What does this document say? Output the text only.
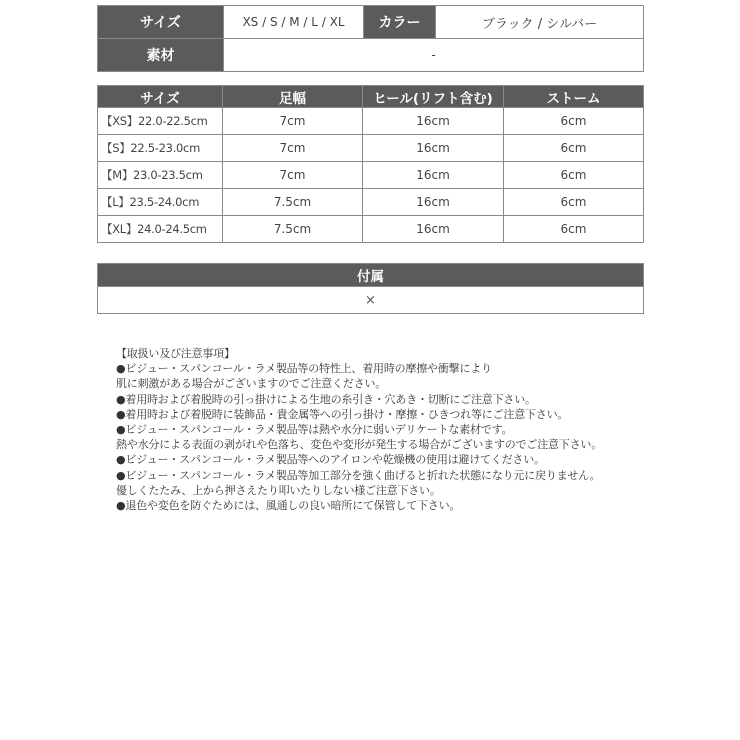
サイズ	XS / S / M / L / XL	カラー	ブラック / シルバー
素材	-		
サイズ	足幅	ヒール(リフト含む)	ストーム
【XS】22.0-22.5cm	7cm	16cm	6cm
【S】22.5-23.0cm	7cm	16cm	6cm
【M】23.0-23.5cm	7cm	16cm	6cm
【L】23.5-24.0cm	7.5cm	16cm	6cm
【XL】24.0-24.5cm	7.5cm	16cm	6cm
付属
×
【取扱い及び注意事項】
●ビジュー・スパンコール・ラメ製品等の特性上、着用時の摩擦や衝撃により
肌に刺激がある場合がございますのでご注意ください。
●着用時および着脱時の引っ掛けによる生地の糸引き・穴あき・切断にご注意下さい。
●着用時および着脱時に装飾品・貴金属等への引っ掛け・摩擦・ひきつれ等にご注意下さい。
●ビジュー・スパンコール・ラメ製品等は熱や水分に弱いデリケートな素材です。
熱や水分による表面の剥がれや色落ち、変色や変形が発生する場合がございますのでご注意下さい。
●ビジュー・スパンコール・ラメ製品等へのアイロンや乾燥機の使用は避けてください。
●ビジュー・スパンコール・ラメ製品等加工部分を強く曲げると折れた状態になり元に戻りません。
優しくたたみ、上から押さえたり叩いたりしない様ご注意下さい。
●退色や変色を防ぐためには、風通しの良い暗所にて保管して下さい。
